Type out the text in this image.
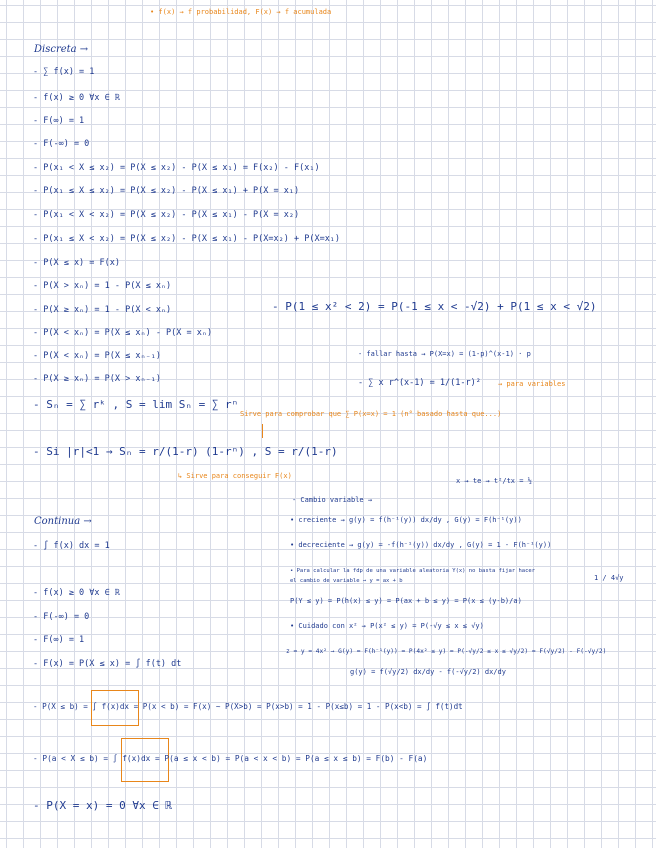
• f(x) → f probabilidad, F(x) → f acumulada
Discreta →
- ∑ f(x) = 1
- f(x) ≥ 0 ∀x ∈ ℝ
- F(∞) = 1
- F(-∞) = 0
- P(x₁ < X ≤ x₂) = P(X ≤ x₂) - P(X ≤ x₁) = F(x₂) - F(x₁)
- P(x₁ ≤ X ≤ x₂) = P(X ≤ x₂) - P(X ≤ x₁) + P(X = x₁)
- P(x₁ < X < x₂) = P(X ≤ x₂) - P(X ≤ x₁) - P(X = x₂)
- P(x₁ ≤ X < x₂) = P(X ≤ x₂) - P(X ≤ x₁) - P(X=x₂) + P(X=x₁)
- P(X ≤ x) = F(x)
- P(X > xₙ) = 1 - P(X ≤ xₙ)
- P(X ≥ xₙ) = 1 - P(X < xₙ)
- P(X < xₙ) = P(X ≤ xₙ) - P(X = xₙ)
- P(X < xₙ) = P(X ≤ xₙ₋₁)
- P(X ≥ xₙ) = P(X > xₙ₋₁)
- Sₙ = ∑ rᵏ , S = lim Sₙ = ∑ rⁿ
- Si |r|<1 → Sₙ = r/(1-r) (1-rⁿ) , S = r/(1-r)
Sirve para comprobar que ∑ P(x=x) = 1 (n° basado hasta que...)
↳ Sirve para conseguir F(x)
- P(1 ≤ x² < 2) = P(-1 ≤ x < -√2) + P(1 ≤ x < √2)
- fallar hasta → P(X=x) = (1-p)^(x-1) · p
- ∑ x r^(x-1) = 1/(1-r)² → para variables
x → te → t²/tx = ½
- Cambio variable →
• creciente → g(y) = f(h⁻¹(y)) dx/dy , G(y) = F(h⁻¹(y))
• decreciente → g(y) = -f(h⁻¹(y)) dx/dy , G(y) = 1 - F(h⁻¹(y))
• Para calcular la fdp de una variable aleatoria Y(x) no basta fijar hacer el cambio de variable → y = ax + b
P(Y ≤ y) = P(h(x) ≤ y) = P(ax + b ≤ y) = P(x ≤ (y-b)/a)
• Cuidado con x² → P(x² ≤ y) = P(-√y ≤ x ≤ √y)
z = y = 4x² → G(y) = F(h⁻¹(y)) = P(4x² ≤ y) = P(-√y/2 ≤ x ≤ √y/2) = F(√y/2) - F(-√y/2)
g(y) = f(√y/2) dx/dy - f(-√y/2) dx/dy
1 / 4√y
Continua →
- ∫ f(x) dx = 1
- f(x) ≥ 0 ∀x ∈ ℝ
- F(-∞) = 0
- F(∞) = 1
- F(x) = P(X ≤ x) = ∫ f(t) dt
- P(X ≤ b) = ∫ f(x)dx = P(x < b) = F(x) ~ P(X>b) = P(x>b) = 1 - P(x≤b) = 1 - P(x<b) = ∫ f(t)dt
- P(a < X ≤ b) = ∫ f(x)dx = P(a ≤ x < b) = P(a < x < b) = P(a ≤ x ≤ b) = F(b) - F(a)
- P(X = x) = 0 ∀x ∈ ℝ
